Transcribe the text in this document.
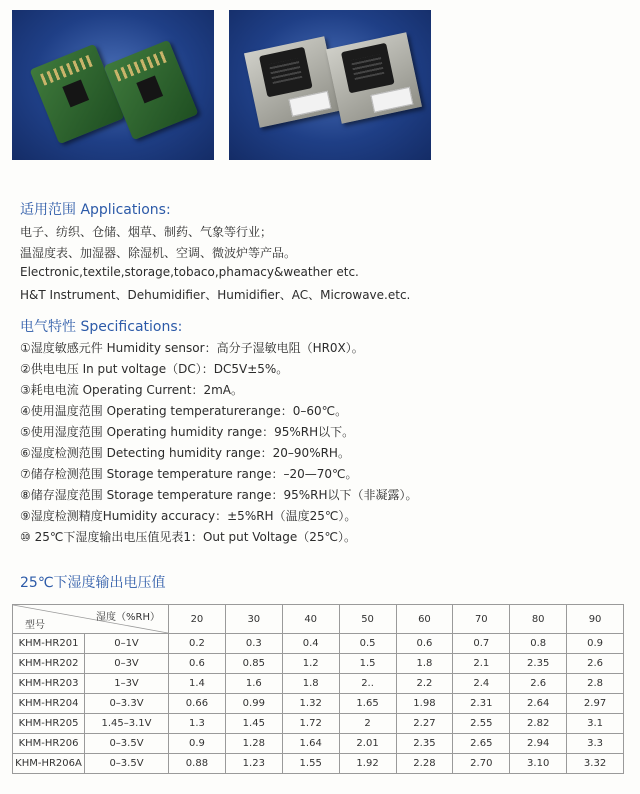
适用范围 Applications:
电子、纺织、仓储、烟草、制药、气象等行业；
温湿度表、加湿器、除湿机、空调、微波炉等产品。
Electronic,textile,storage,tobaco,phamacy&weather etc.
H&T Instrument、Dehumidifier、Humidifier、AC、Microwave.etc.
电气特性 Specifications:
①湿度敏感元件 Humidity sensor：高分子湿敏电阻（HR0X）。
②供电电压 In put voltage（DC）：DC5V±5%。
③耗电电流 Operating Current：2mA。
④使用温度范围 Operating temperaturerange：0–60℃。
⑤使用湿度范围 Operating humidity range：95%RH以下。
⑥湿度检测范围 Detecting humidity range：20–90%RH。
⑦储存检测范围 Storage temperature range：–20—70℃。
⑧储存湿度范围 Storage temperature range：95%RH以下（非凝露）。
⑨湿度检测精度Humidity accuracy：±5%RH（温度25℃）。
⑩ 25℃下湿度输出电压值见表1：Out put Voltage（25℃）。
25℃下湿度输出电压值
湿度（%RH）
型号		20	30	40	50	60	70	80	90
KHM-HR201	0–1V	0.2	0.3	0.4	0.5	0.6	0.7	0.8	0.9
KHM-HR202	0–3V	0.6	0.85	1.2	1.5	1.8	2.1	2.35	2.6
KHM-HR203	1–3V	1.4	1.6	1.8	2..	2.2	2.4	2.6	2.8
KHM-HR204	0–3.3V	0.66	0.99	1.32	1.65	1.98	2.31	2.64	2.97
KHM-HR205	1.45–3.1V	1.3	1.45	1.72	2	2.27	2.55	2.82	3.1
KHM-HR206	0–3.5V	0.9	1.28	1.64	2.01	2.35	2.65	2.94	3.3
KHM-HR206A	0–3.5V	0.88	1.23	1.55	1.92	2.28	2.70	3.10	3.32
